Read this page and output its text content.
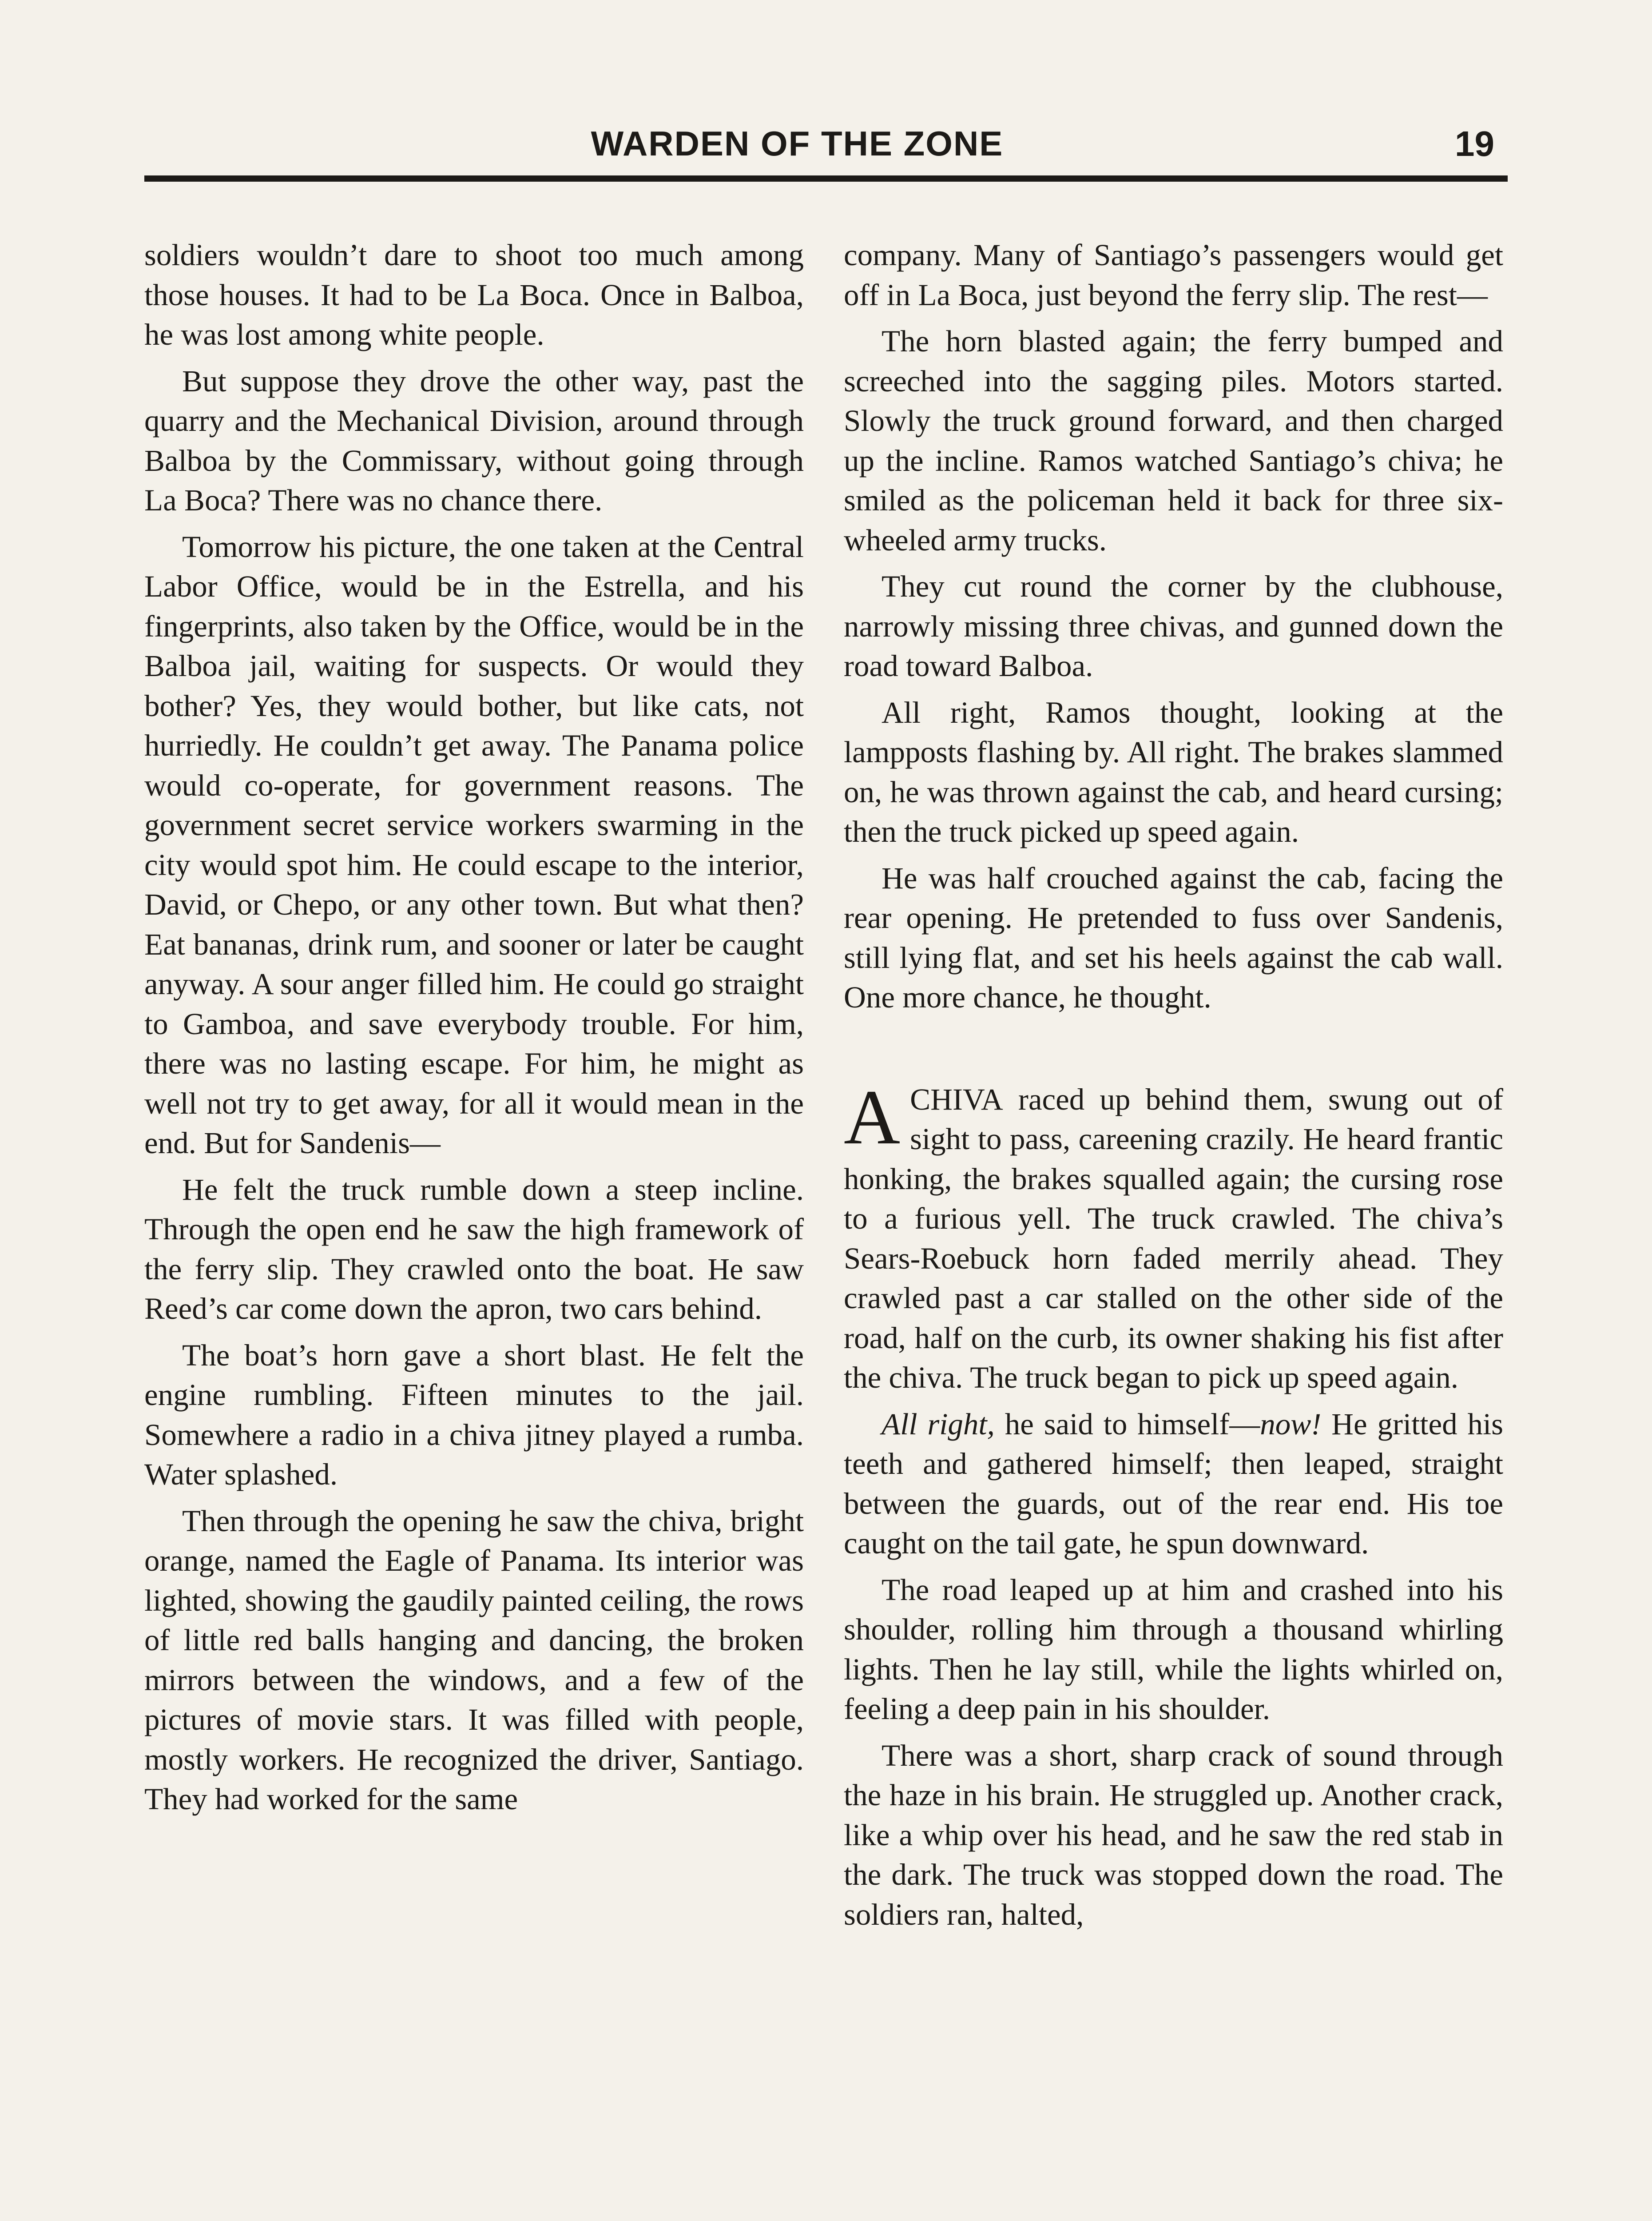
WARDEN OF THE ZONE	19

soldiers wouldn’t dare to shoot too much among those houses. It had to be La Boca. Once in Balboa, he was lost among white people.

But suppose they drove the other way, past the quarry and the Mechanical Division, around through Balboa by the Commissary, without going through La Boca? There was no chance there.

Tomorrow his picture, the one taken at the Central Labor Office, would be in the Estrella, and his fingerprints, also taken by the Office, would be in the Balboa jail, waiting for suspects. Or would they bother? Yes, they would bother, but like cats, not hurriedly. He couldn’t get away. The Panama police would co-operate, for government reasons. The government secret service workers swarming in the city would spot him. He could escape to the interior, David, or Chepo, or any other town. But what then? Eat bananas, drink rum, and sooner or later be caught anyway. A sour anger filled him. He could go straight to Gamboa, and save everybody trouble. For him, there was no lasting escape. For him, he might as well not try to get away, for all it would mean in the end. But for Sandenis—

He felt the truck rumble down a steep incline. Through the open end he saw the high framework of the ferry slip. They crawled onto the boat. He saw Reed’s car come down the apron, two cars behind.

The boat’s horn gave a short blast. He felt the engine rumbling. Fifteen minutes to the jail. Somewhere a radio in a chiva jitney played a rumba. Water splashed.

Then through the opening he saw the chiva, bright orange, named the Eagle of Panama. Its interior was lighted, showing the gaudily painted ceiling, the rows of little red balls hanging and dancing, the broken mirrors between the windows, and a few of the pictures of movie stars. It was filled with people, mostly workers. He recognized the driver, Santiago. They had worked for the same

company. Many of Santiago’s passengers would get off in La Boca, just beyond the ferry slip. The rest—

The horn blasted again; the ferry bumped and screeched into the sagging piles. Motors started. Slowly the truck ground forward, and then charged up the incline. Ramos watched Santiago’s chiva; he smiled as the policeman held it back for three six-wheeled army trucks.

They cut round the corner by the clubhouse, narrowly missing three chivas, and gunned down the road toward Balboa.

All right, Ramos thought, looking at the lampposts flashing by. All right. The brakes slammed on, he was thrown against the cab, and heard cursing; then the truck picked up speed again.

He was half crouched against the cab, facing the rear opening. He pretended to fuss over Sandenis, still lying flat, and set his heels against the cab wall. One more chance, he thought.

ACHIVA raced up behind them, swung out of sight to pass, careening crazily. He heard frantic honking, the brakes squalled again; the cursing rose to a furious yell. The truck crawled. The chiva’s Sears-Roebuck horn faded merrily ahead. They crawled past a car stalled on the other side of the road, half on the curb, its owner shaking his fist after the chiva. The truck began to pick up speed again.

All right, he said to himself—now! He gritted his teeth and gathered himself; then leaped, straight between the guards, out of the rear end. His toe caught on the tail gate, he spun downward.

The road leaped up at him and crashed into his shoulder, rolling him through a thousand whirling lights. Then he lay still, while the lights whirled on, feeling a deep pain in his shoulder.

There was a short, sharp crack of sound through the haze in his brain. He struggled up. Another crack, like a whip over his head, and he saw the red stab in the dark. The truck was stopped down the road. The soldiers ran, halted,
